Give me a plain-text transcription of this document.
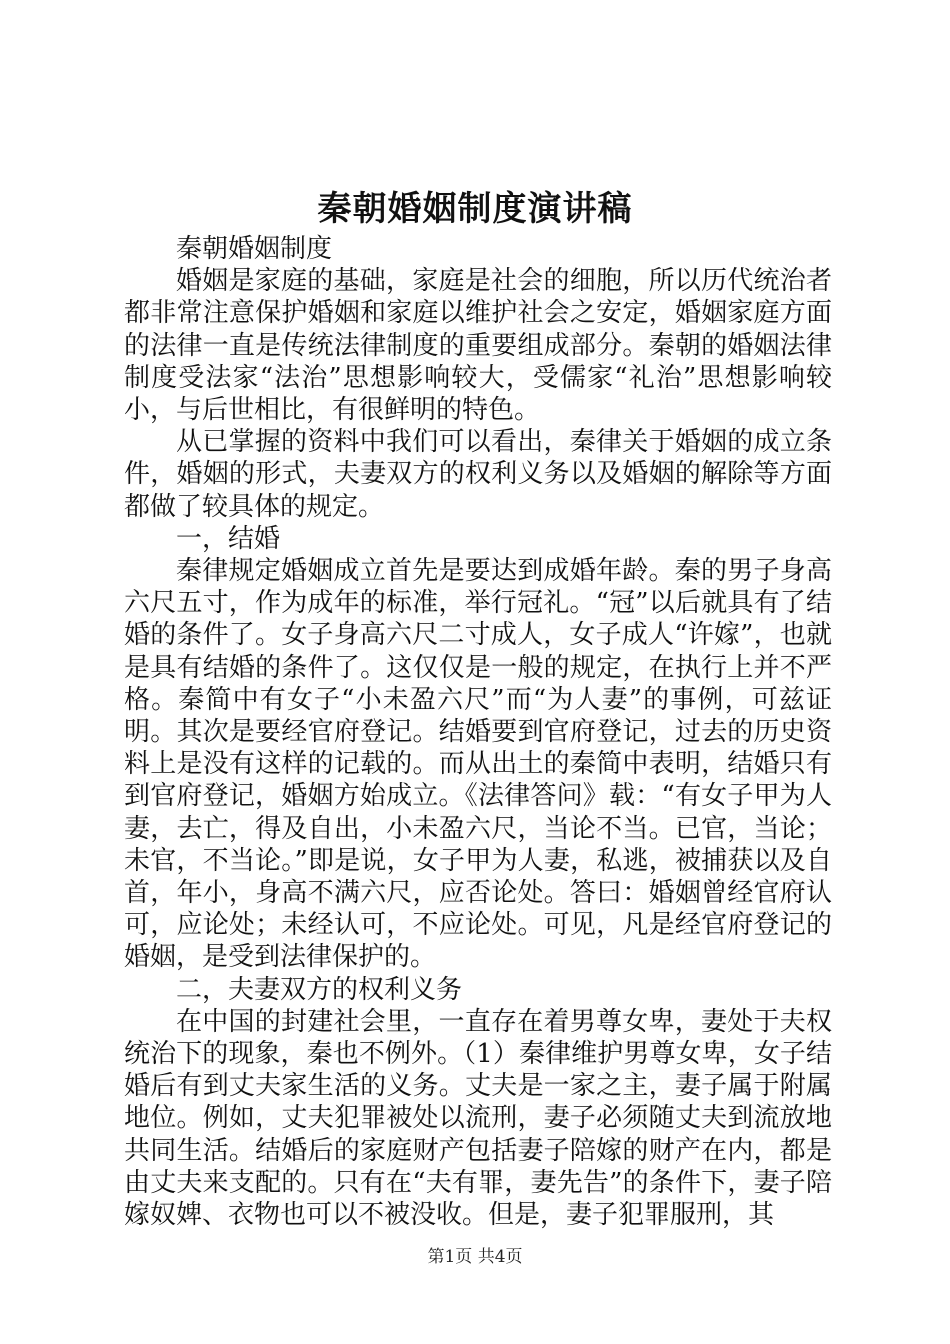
秦朝婚姻制度演讲稿

秦朝婚姻制度

婚姻是家庭的基础，家庭是社会的细胞，所以历代统治者都非常注意保护婚姻和家庭以维护社会之安定，婚姻家庭方面的法律一直是传统法律制度的重要组成部分。秦朝的婚姻法律制度受法家“法治”思想影响较大，受儒家“礼治”思想影响较小，与后世相比，有很鲜明的特色。

从已掌握的资料中我们可以看出，秦律关于婚姻的成立条件，婚姻的形式，夫妻双方的权利义务以及婚姻的解除等方面都做了较具体的规定。

一，结婚

秦律规定婚姻成立首先是要达到成婚年龄。秦的男子身高六尺五寸，作为成年的标准，举行冠礼。“冠”以后就具有了结婚的条件了。女子身高六尺二寸成人，女子成人“许嫁”，也就是具有结婚的条件了。这仅仅是一般的规定，在执行上并不严格。秦简中有女子“小未盈六尺”而“为人妻”的事例，可兹证明。其次是要经官府登记。结婚要到官府登记，过去的历史资料上是没有这样的记载的。而从出土的秦简中表明，结婚只有到官府登记，婚姻方始成立。《法律答问》载：“有女子甲为人妻，去亡，得及自出，小未盈六尺，当论不当。已官，当论；未官，不当论。”即是说，女子甲为人妻，私逃，被捕获以及自首，年小，身高不满六尺，应否论处。答曰：婚姻曾经官府认可，应论处；未经认可，不应论处。可见，凡是经官府登记的婚姻，是受到法律保护的。

二，夫妻双方的权利义务

在中国的封建社会里，一直存在着男尊女卑，妻处于夫权统治下的现象，秦也不例外。（1）秦律维护男尊女卑，女子结婚后有到丈夫家生活的义务。丈夫是一家之主，妻子属于附属地位。例如，丈夫犯罪被处以流刑，妻子必须随丈夫到流放地共同生活。结婚后的家庭财产包括妻子陪嫁的财产在内，都是由丈夫来支配的。只有在“夫有罪，妻先告”的条件下，妻子陪嫁奴婢、衣物也可以不被没收。但是，妻子犯罪服刑，其

第1页 共4页
